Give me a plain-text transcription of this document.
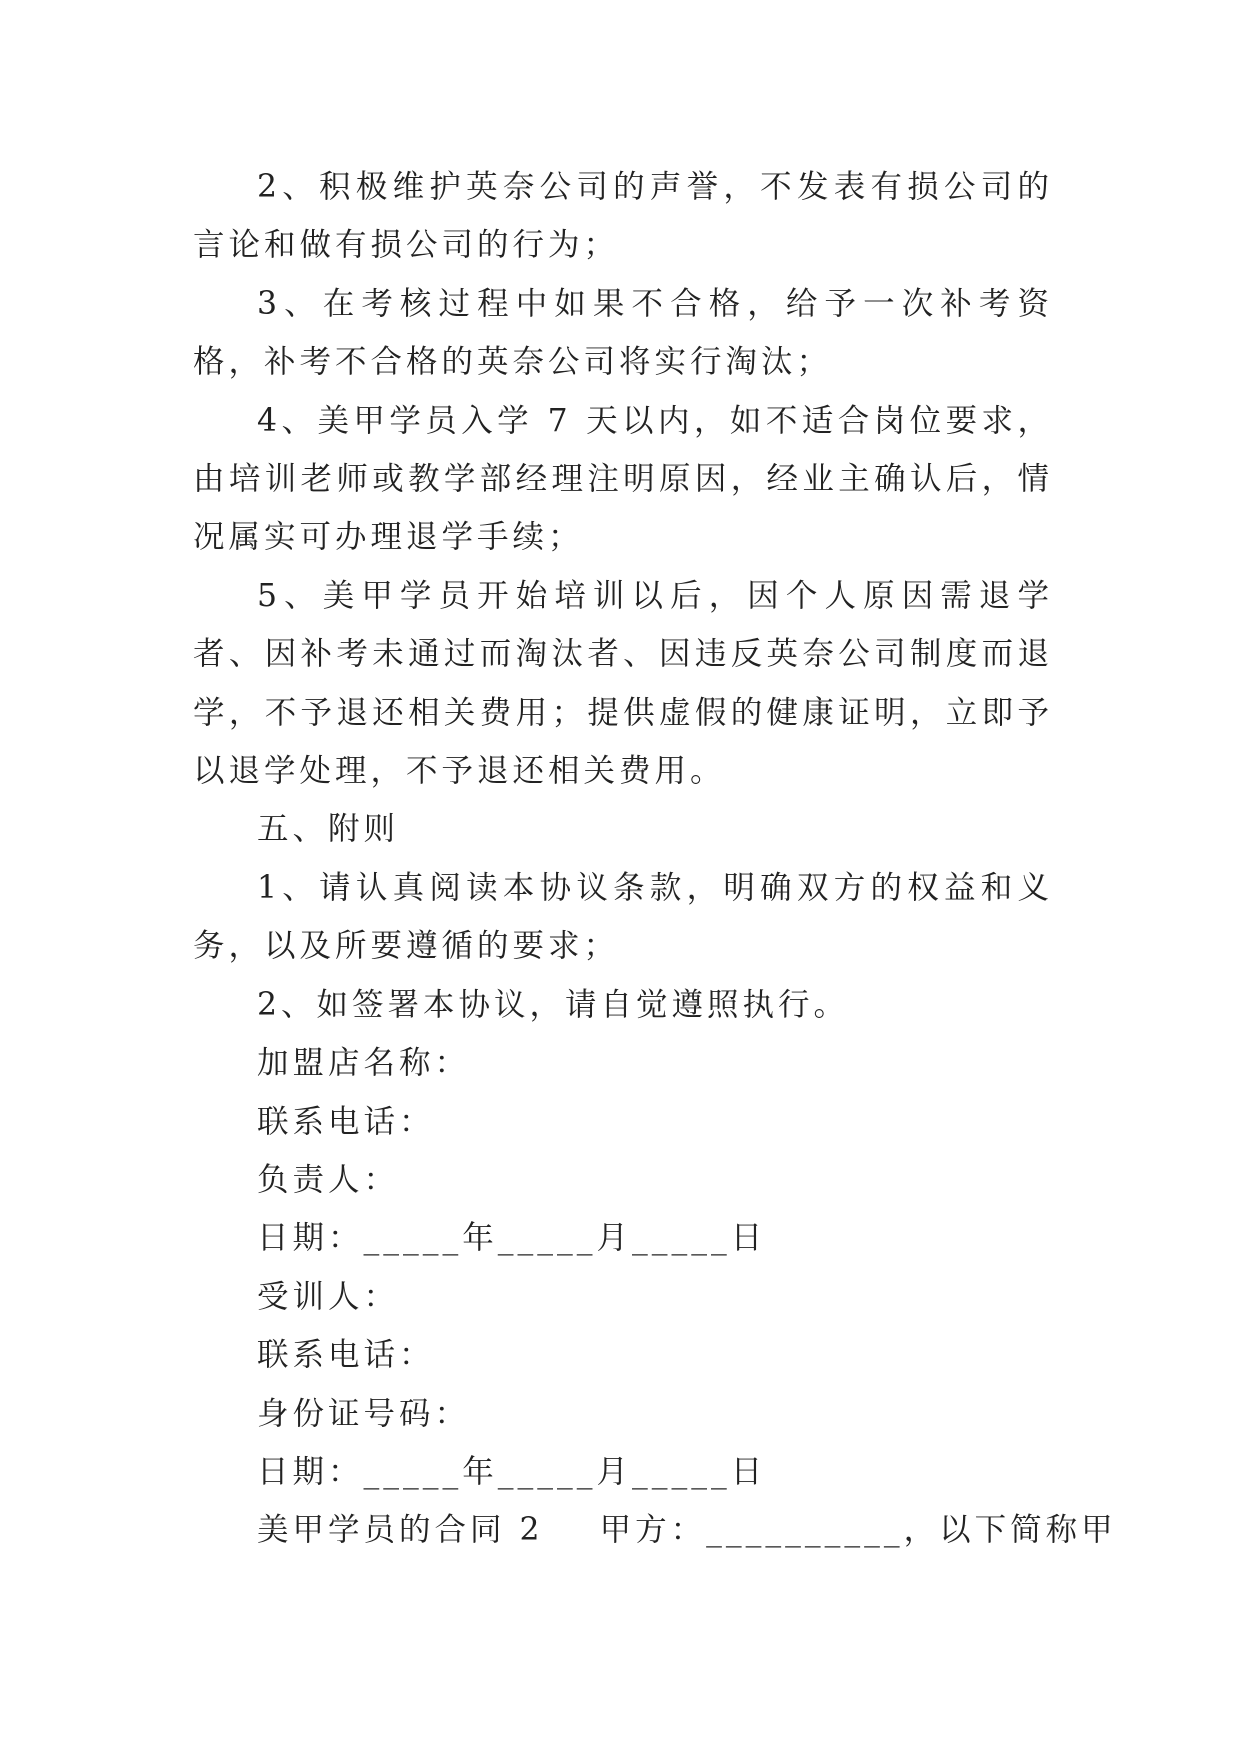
2、积极维护英奈公司的声誉，不发表有损公司的言论和做有损公司的行为；

3、在考核过程中如果不合格，给予一次补考资格，补考不合格的英奈公司将实行淘汰；

4、美甲学员入学 7 天以内，如不适合岗位要求，由培训老师或教学部经理注明原因，经业主确认后，情况属实可办理退学手续；

5、美甲学员开始培训以后，因个人原因需退学者、因补考未通过而淘汰者、因违反英奈公司制度而退学，不予退还相关费用；提供虚假的健康证明，立即予以退学处理，不予退还相关费用。

五、附则

1、请认真阅读本协议条款，明确双方的权益和义务，以及所要遵循的要求；

2、如签署本协议，请自觉遵照执行。

加盟店名称：

联系电话：

负责人：

日期：_____年_____月_____日

受训人：

联系电话：

身份证号码：

日期：_____年_____月_____日

美甲学员的合同 2    甲方：__________，以下简称甲
